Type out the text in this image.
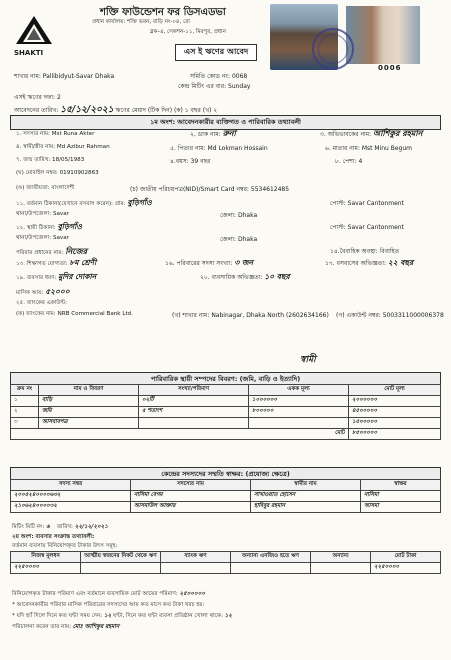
SHAKTI
শক্তি ফাউন্ডেশন ফর ডিসএডভা
প্রধান কার্যালয়: শক্তি ভবন, বাড়ি নং-০৪, রো
ব্লক-এ, সেকশন-১১, মিরপুর, প্রধান
এস ই ঋণের আবেদ
0006
শাখার নাম: Pallibidyut-Savar Dhaka	সমিতি কোড নং: 0068
কেন্দ্র মিটিং এর বার: Sunday
এসই ঋণের দফা: 2
আবেদনের তারিখ: ১৫/১২/২০২১ ঋণের মেয়াদ (টিক দিন) (ক) ১ বছর (খ) ২
১ম অংশ: আবেদনকারীর ব্যক্তিগত ও পারিবারিক তথ্যাবলী
১. সদস্যর নাম: Mst Runa Akter	২. ডাক নাম: রুনা	৩. অভিভাবকের নাম: আশিকুর রহমান
৪. স্বামী/স্ত্রীর নাম: Md Azibur Rahman	৫. পিতার নাম: Md Lokman Hossain	৬. মাতার নাম: Mst Minu Begum
৭. জন্ম তারিখ: 18/05/1983	৪.বয়স: 39 বছর	৮. পেশা: 4
(ঘ) মোবাইল নম্বর: 01910902863
(ঙ) জাতীয়তা: বাংলাদেশী	(চ) জাতীয় পরিচয়পত্র(NID)/Smart Card নম্বর: 5534612485
১১. বর্তমান ঠিকানা(যেখানে বসবাস করেন): গ্রাম: বুড়িগাঁও	পোস্ট: Savar Cantonment
থানা/উপজেলা: Savar	জেলা: Dhaka
১২. স্থায়ী ঠিকানা: বুড়িগাঁও	পোস্ট: Savar Cantonment
থানা/উপজেলা: Savar	জেলা: Dhaka
পরিবার প্রধানের নাম: নিজের	১৪.বৈবাহিক অবস্থা: বিবাহিত
১৩. শিক্ষাগত যোগ্যতা: ৮ম শ্রেণী	১৬. পরিবারের সদস্য সংখ্যা: ৩ জন	১৭. বসবাসের অভিজ্ঞতা: ২২ বছর
১৯. ব্যবসার ধরণ: মুদির দোকান	২০. ব্যবসায়িক অভিজ্ঞতা: ১০ বছর
মাসিক আয়: ৫২০০০
২৫. ব্যাংকের একাউন্ট:
(ক) ব্যাংকের নাম: NRB Commercial Bank Ltd.	(খ) শাখার নাম: Nabinagar, Dhaka North (2602634166) (গ) একাউন্ট নম্বর: 5003311000006378
স্বামী
পারিবারিক স্থায়ী সম্পদের বিবরণ: (জমি, বাড়ি ও ইত্যাদি)
ক্রম নং	নাম ও বিবরণ	সংখ্যা/পরিমাণ	একক মূল্য	মোট মূল্য
১	বাড়ি	০২টি	১০০০০০০	২০০০০০০
২	জমি	৫ শতাংশ	৮০০০০০	৪৫০০০০০
৩	আসবাবপত্র			১৫০০০০০
মোট				৮৫০০০০০
কেন্দ্রের সদস্যদের সম্মতি স্বাক্ষর: (প্রযোজ্য ক্ষেত্রে)
সদস্য নম্বর	সদস্যের নাম	স্বামীর নাম	স্বাক্ষর
২০০৫২৪০০০০৬৩২	নাসিমা বেগম	সাখাওয়াত হোসেন	নাসিমা
২১০৬২৪০০০০৩২	আসমাউল আক্তার	হাবিবুর রহমান	আসমা
মিটিং মিটি নং: ৬ তারিখ: ২২/১২/২০২১
২য় অংশ: ব্যবসার সংক্রান্ত তথ্যাবলী:
বর্তমান ব্যবসায় বিনিয়োগকৃত টাকার উৎস সমূহ:
নিজস্ব মূলধন	আত্মীয় স্বজনের নিকট থেকে ঋণ	ব্যাংক ঋণ	অন্যান্য এনজিও হতে ঋণ	অন্যান্য	মোট টাকা
২২৫০০০০					২২৫০০০০
বিনিয়োগকৃত টাকার পরিমাণ এবং বর্তমানে ব্যবসায়িক মোট আয়ের পরিমাণ: ২৫০০০০০
* আবেদনকারীর পরিবার মাসিক পরিবারের সদস্যদের আয় কত মাসে কত টাকা খরচ হয়:
* যদি হ্যাঁ দিলে দিনে কত ঘন্টা সময় দেন: ১২ ঘন্টা, দিনে কত ঘন্টা ব্যবসা প্রতিষ্ঠান খোলা থাকে: ১২
পরিচালনা করেন তার নাম: মোঃ আশিকুর রহমান
